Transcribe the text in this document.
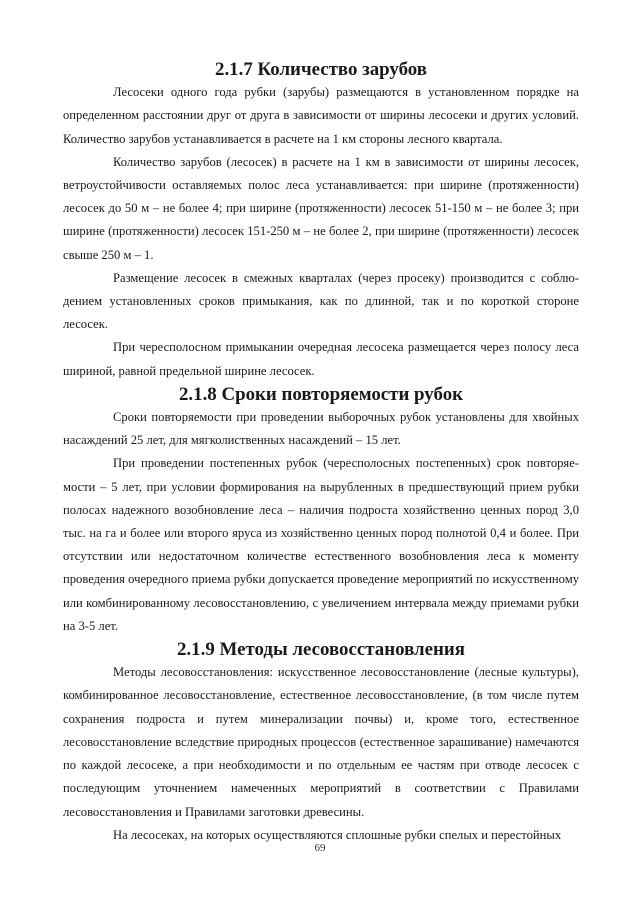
2.1.7 Количество зарубов

Лесосеки одного года рубки (зарубы) размещаются в установленном порядке на определенном расстоянии друг от друга в зависимости от ширины лесосеки и других условий. Количество зарубов устанавливается в расчете на 1 км стороны лесного квартала.

Количество зарубов (лесосек) в расчете на 1 км в зависимости от ширины лесосек, ветроустойчивости оставляемых полос леса устанавливается: при ширине (протяженности) лесосек до 50 м – не более 4; при ширине (протяженности) лесосек 51-150 м – не более 3; при ширине (протяженности) лесосек 151-250 м – не более 2, при ширине (протяженности) лесосек свыше 250 м – 1.

Размещение лесосек в смежных кварталах (через просеку) производится с соблюдением установленных сроков примыкания, как по длинной, так и по короткой стороне лесосек.

При чересполосном примыкании очередная лесосека размещается через полосу леса шириной, равной предельной ширине лесосек.

2.1.8 Сроки повторяемости рубок

Сроки повторяемости при проведении выборочных рубок установлены для хвойных насаждений 25 лет, для мягколиственных насаждений – 15 лет.

При проведении постепенных рубок (чересполосных постепенных) срок повторяемости – 5 лет, при условии формирования на вырубленных в предшествующий прием рубки полосах надежного возобновление леса – наличия подроста хозяйственно ценных пород 3,0 тыс. на га и более или второго яруса из хозяйственно ценных пород полнотой 0,4 и более. При отсутствии или недостаточном количестве естественного возобновления леса к моменту проведения очередного приема рубки допускается проведение мероприятий по искусственному или комбинированному лесовосстановлению, с увеличением интервала между приемами рубки на 3-5 лет.

2.1.9 Методы лесовосстановления

Методы лесовосстановления: искусственное лесовосстановление (лесные культуры), комбинированное лесовосстановление, естественное лесовосстановление, (в том числе путем сохранения подроста и путем минерализации почвы) и, кроме того, естественное лесовосстановление вследствие природных процессов (естественное зарашивание) намечаются по каждой лесосеке, а при необходимости и по отдельным ее частям при отводе лесосек с последующим уточнением намеченных мероприятий в соответствии с Правилами лесовосстановления и Правилами заготовки древесины.

На лесосеках, на которых осуществляются сплошные рубки спелых и перестойных

69
